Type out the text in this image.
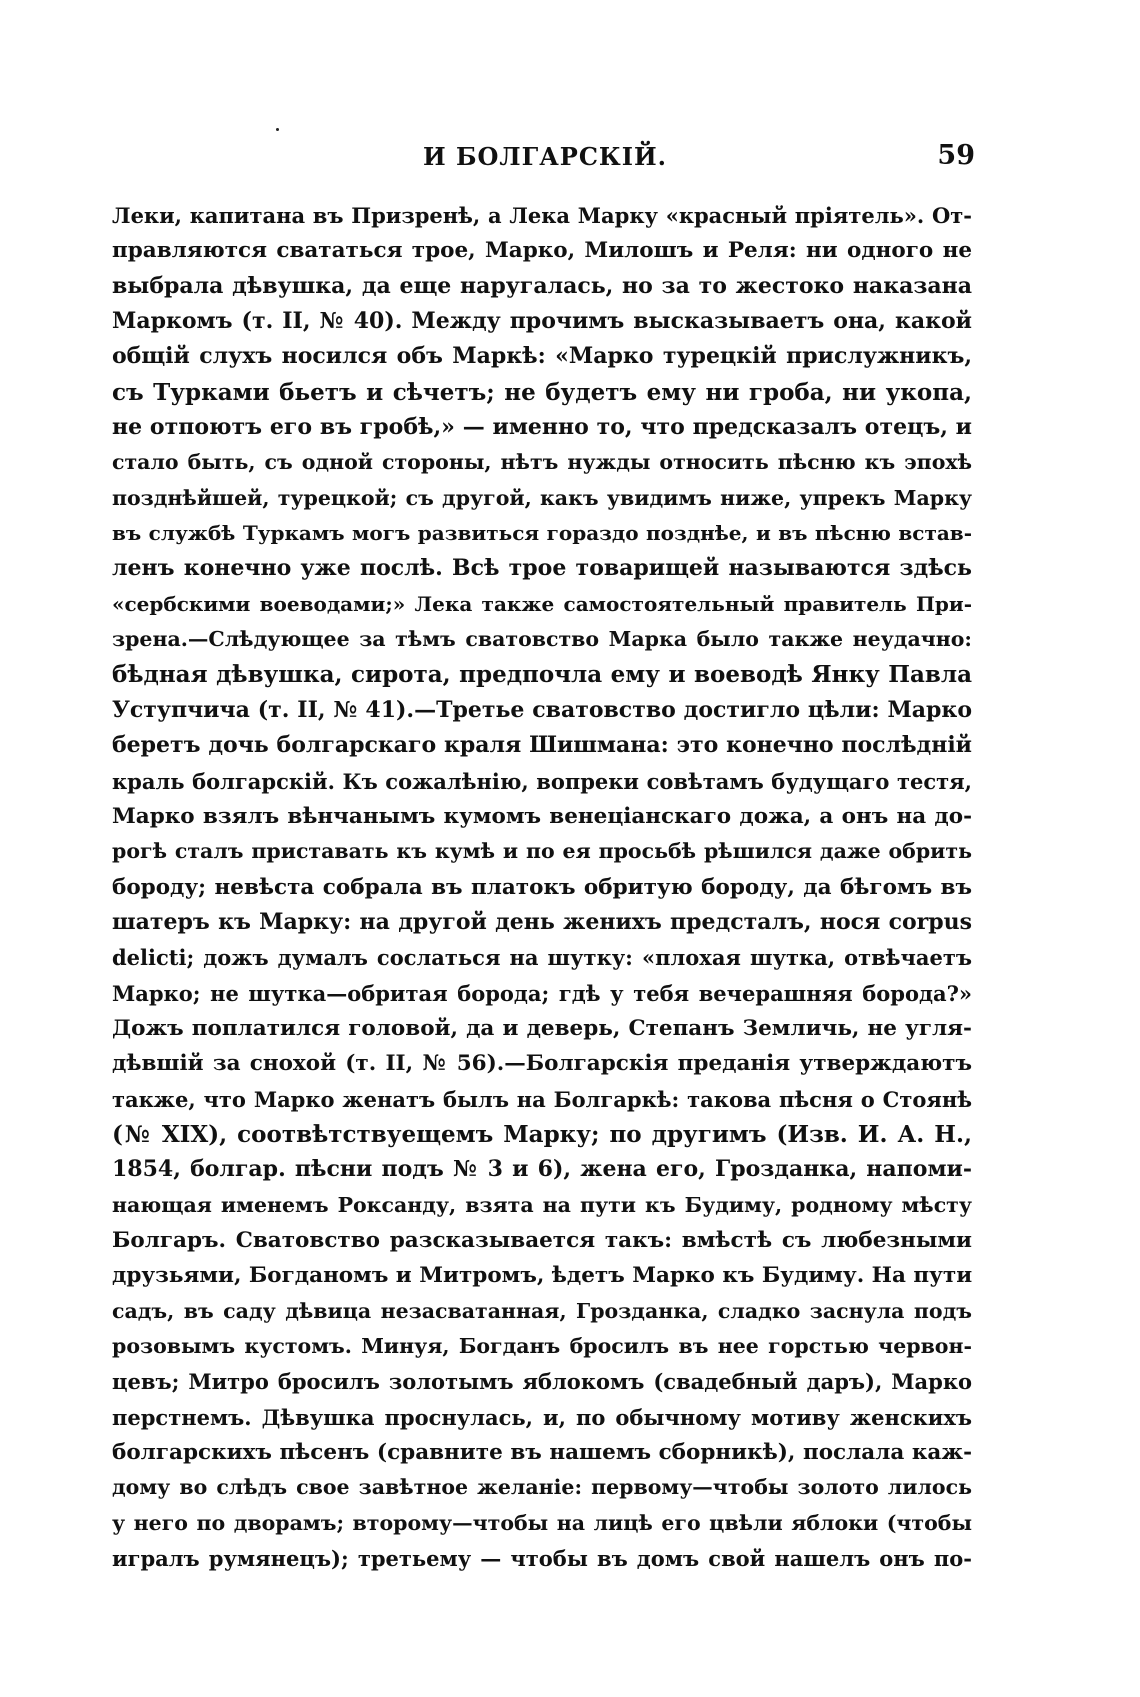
И БОЛГАРСКІЙ.	59
Леки, капитана въ Призренѣ, а Лека Марку «красный пріятель». От-
правляются свататься трое, Марко, Милошъ и Реля: ни одного не
выбрала дѣвушка, да еще наругалась, но за то жестоко наказана
Маркомъ (т. II, № 40). Между прочимъ высказываетъ она, какой
общій слухъ носился объ Маркѣ: «Марко турецкій прислужникъ,
съ Турками бьетъ и сѣчетъ; не будетъ ему ни гроба, ни укопа,
не отпоютъ его въ гробѣ,» — именно то, что предсказалъ отецъ, и
стало быть, съ одной стороны, нѣтъ нужды относить пѣсню къ эпохѣ
позднѣйшей, турецкой; съ другой, какъ увидимъ ниже, упрекъ Марку
въ службѣ Туркамъ могъ развиться гораздо позднѣе, и въ пѣсню встав-
ленъ конечно уже послѣ. Всѣ трое товарищей называются здѣсь
«сербскими воеводами;» Лека также самостоятельный правитель При-
зрена.—Слѣдующее за тѣмъ сватовство Марка было также неудачно:
бѣдная дѣвушка, сирота, предпочла ему и воеводѣ Янку Павла
Уступчича (т. II, № 41).—Третье сватовство достигло цѣли: Марко
беретъ дочь болгарскаго краля Шишмана: это конечно послѣдній
краль болгарскій. Къ сожалѣнію, вопреки совѣтамъ будущаго тестя,
Марко взялъ вѣнчанымъ кумомъ венеціанскаго дожа, а онъ на до-
рогѣ сталъ приставать къ кумѣ и по ея просьбѣ рѣшился даже обрить
бороду; невѣста собрала въ платокъ обритую бороду, да бѣгомъ въ
шатеръ къ Марку: на другой день женихъ предсталъ, нося corpus
delicti; дожъ думалъ сослаться на шутку: «плохая шутка, отвѣчаетъ
Марко; не шутка—обритая борода; гдѣ у тебя вечерашняя борода?»
Дожъ поплатился головой, да и деверь, Степанъ Земличь, не угля-
дѣвшій за снохой (т. II, № 56).—Болгарскія преданія утверждаютъ
также, что Марко женатъ былъ на Болгаркѣ: такова пѣсня о Стоянѣ
(№ XIX), соотвѣтствуещемъ Марку; по другимъ (Изв. И. А. Н.,
1854, болгар. пѣсни подъ № 3 и 6), жена его, Грозданка, напоми-
нающая именемъ Роксанду, взята на пути къ Будиму, родному мѣсту
Болгаръ. Сватовство разсказывается такъ: вмѣстѣ съ любезными
друзьями, Богданомъ и Митромъ, ѣдетъ Марко къ Будиму. На пути
садъ, въ саду дѣвица незасватанная, Грозданка, сладко заснула подъ
розовымъ кустомъ. Минуя, Богданъ бросилъ въ нее горстью червон-
цевъ; Митро бросилъ золотымъ яблокомъ (свадебный даръ), Марко
перстнемъ. Дѣвушка проснулась, и, по обычному мотиву женскихъ
болгарскихъ пѣсенъ (сравните въ нашемъ сборникѣ), послала каж-
дому во слѣдъ свое завѣтное желаніе: первому—чтобы золото лилось
у него по дворамъ; второму—чтобы на лицѣ его цвѣли яблоки (чтобы
игралъ румянецъ); третьему — чтобы въ домъ свой нашелъ онъ по-
